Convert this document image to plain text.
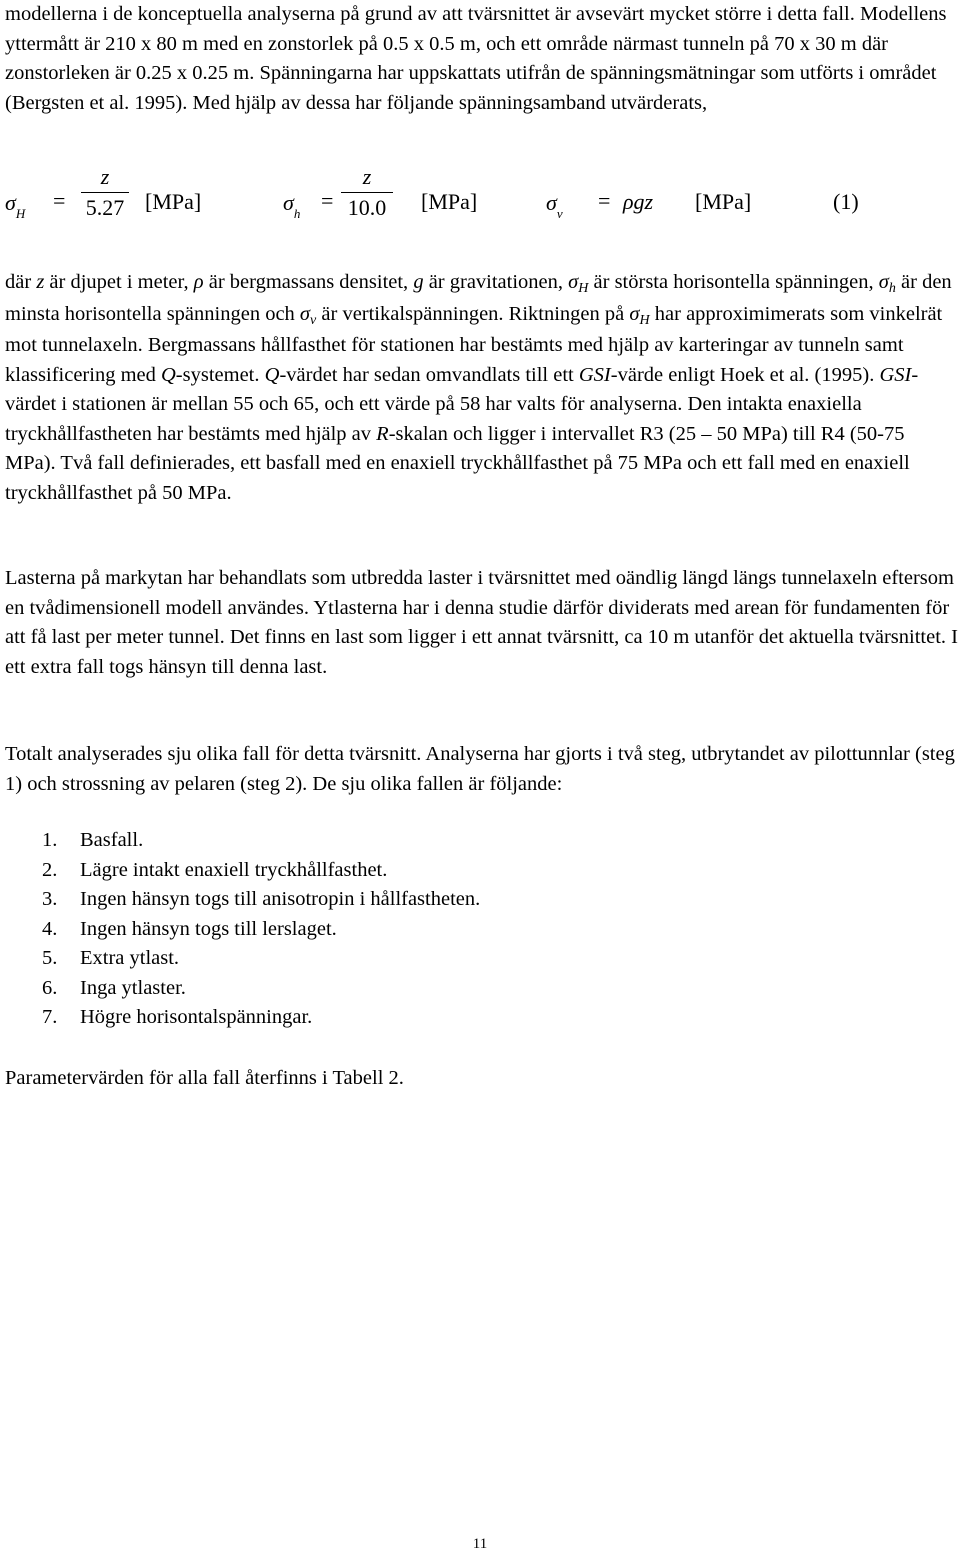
modellerna i de konceptuella analyserna på grund av att tvärsnittet är avsevärt mycket större i detta fall. Modellens yttermått är 210 x 80 m med en zonstorlek på 0.5 x 0.5 m, och ett område närmast tunneln på 70 x 30 m där zonstorleken är 0.25 x 0.25 m. Spänningarna har uppskattats utifrån de spänningsmätningar som utförts i området (Bergsten et al. 1995). Med hjälp av dessa har följande spänningsamband utvärderats,

$\sigma_H$
= $\frac{z}{5.27} [MPa]$	$\sigma_h$
= $\frac{z}{10.0} [MPa]$	$\sigma_v$
= ρgz [MPa]	(1)

där z är djupet i meter, ρ är bergmassans densitet, g är gravitationen, σH är största horisontella spänningen, σh är den minsta horisontella spänningen och σv är vertikalspänningen. Riktningen på σH har approximimerats som vinkelrät mot tunnelaxeln. Bergmassans hållfasthet för stationen har bestämts med hjälp av karteringar av tunneln samt klassificering med Q-systemet. Q-värdet har sedan omvandlats till ett GSI-värde enligt Hoek et al. (1995). GSI-värdet i stationen är mellan 55 och 65, och ett värde på 58 har valts för analyserna. Den intakta enaxiella tryckhållfastheten har bestämts med hjälp av R-skalan och ligger i intervallet R3 (25 – 50 MPa) till R4 (50-75 MPa). Två fall definierades, ett basfall med en enaxiell tryckhållfasthet på 75 MPa och ett fall med en enaxiell tryckhållfasthet på 50 MPa.

Lasterna på markytan har behandlats som utbredda laster i tvärsnittet med oändlig längd längs tunnelaxeln eftersom en tvådimensionell modell användes. Ytlasterna har i denna studie därför dividerats med arean för fundamenten för att få last per meter tunnel. Det finns en last som ligger i ett annat tvärsnitt, ca 10 m utanför det aktuella tvärsnittet. I ett extra fall togs hänsyn till denna last.

Totalt analyserades sju olika fall för detta tvärsnitt. Analyserna har gjorts i två steg, utbrytandet av pilottunnlar (steg 1) och strossning av pelaren (steg 2). De sju olika fallen är följande:

1. Basfall.
2. Lägre intakt enaxiell tryckhållfasthet.
3. Ingen hänsyn togs till anisotropin i hållfastheten.
4. Ingen hänsyn togs till lerslaget.
5. Extra ytlast.
6. Inga ytlaster.
7. Högre horisontalspänningar.

Parametervärden för alla fall återfinns i Tabell 2.

11
